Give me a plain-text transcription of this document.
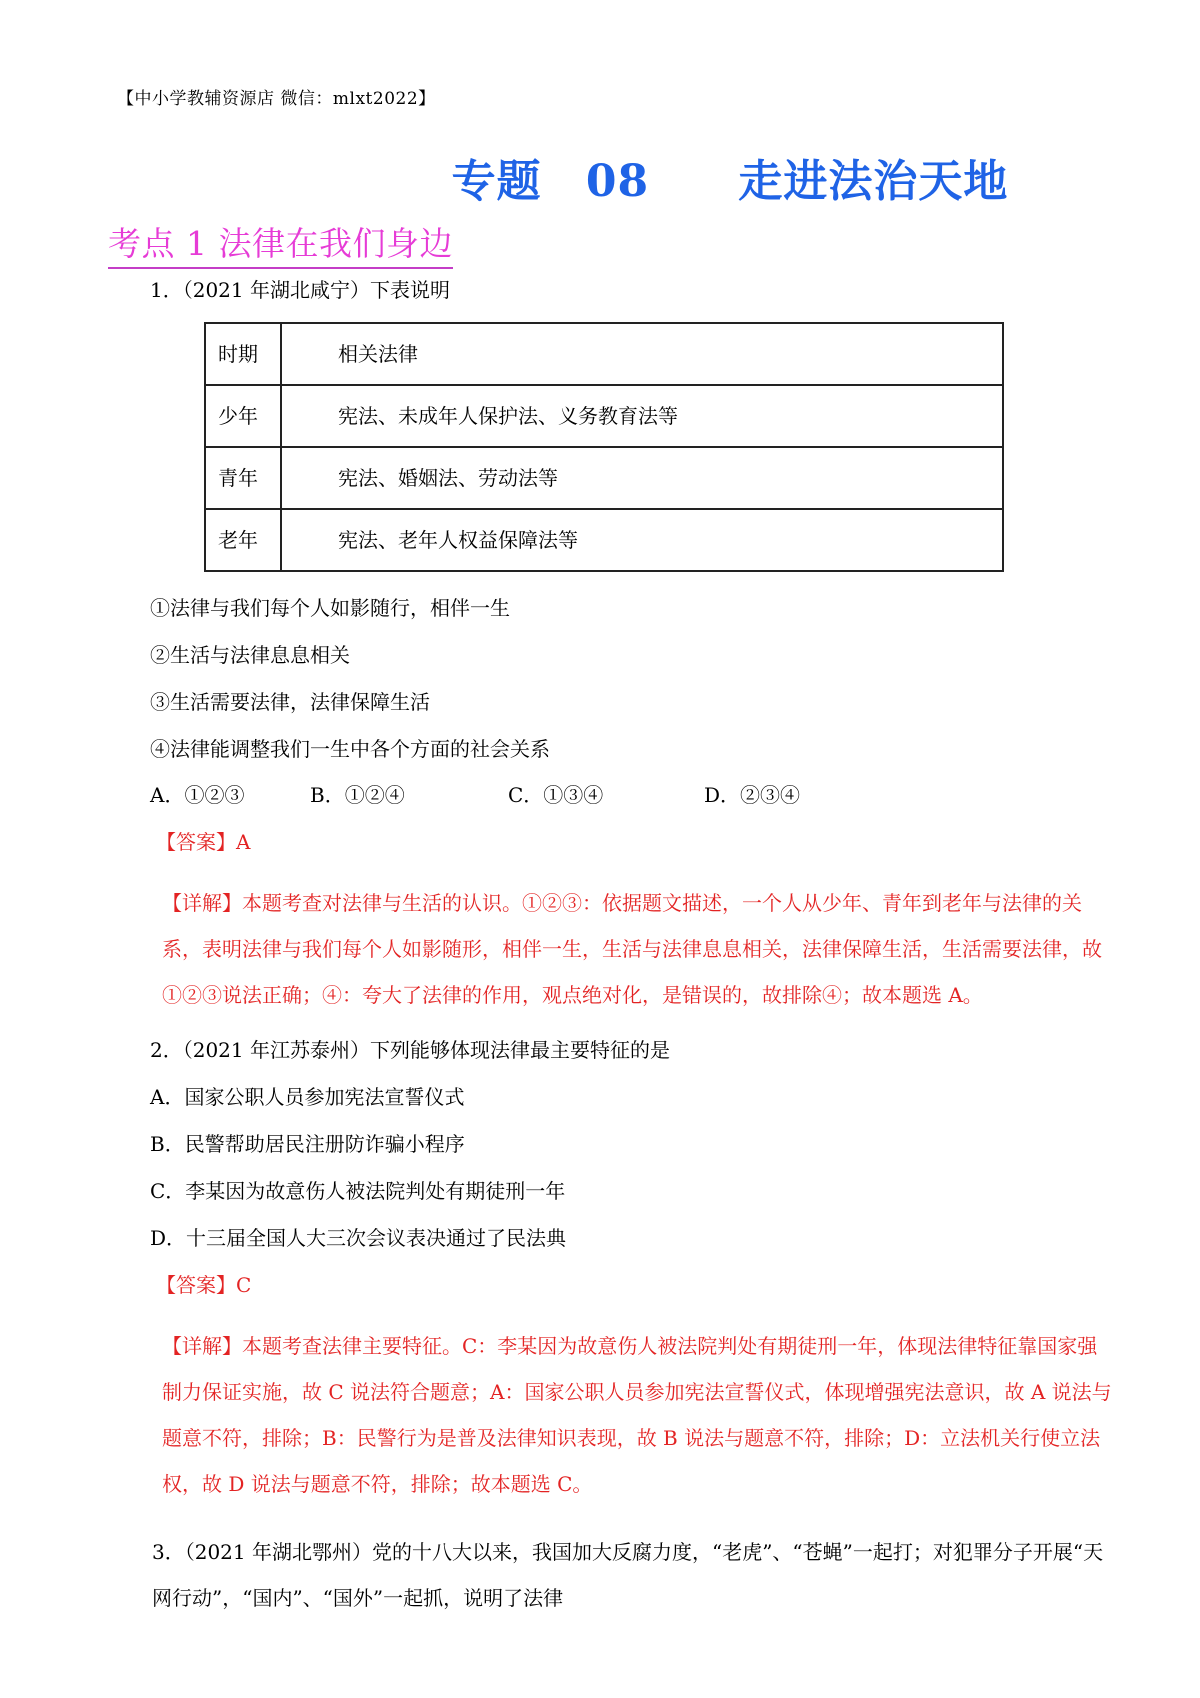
【中小学教辅资源店 微信：mlxt2022】
专题 08　 走进法治天地
考点 1 法律在我们身边

1．（2021 年湖北咸宁）下表说明

时期	相关法律
少年	宪法、未成年人保护法、义务教育法等
青年	宪法、婚姻法、劳动法等
老年	宪法、老年人权益保障法等

①法律与我们每个人如影随行，相伴一生

②生活与法律息息相关

③生活需要法律，法律保障生活

④法律能调整我们一生中各个方面的社会关系

A．①②③	B．①②④	C．①③④	D．②③④

【答案】A

【详解】本题考查对法律与生活的认识。①②③：依据题文描述，一个人从少年、青年到老年与法律的关系，表明法律与我们每个人如影随形，相伴一生，生活与法律息息相关，法律保障生活，生活需要法律，故①②③说法正确；④：夸大了法律的作用，观点绝对化，是错误的，故排除④；故本题选 A。

2．（2021 年江苏泰州）下列能够体现法律最主要特征的是

A．国家公职人员参加宪法宣誓仪式

B．民警帮助居民注册防诈骗小程序

C．李某因为故意伤人被法院判处有期徒刑一年

D．十三届全国人大三次会议表决通过了民法典

【答案】C

【详解】本题考查法律主要特征。C：李某因为故意伤人被法院判处有期徒刑一年，体现法律特征靠国家强制力保证实施，故 C 说法符合题意；A：国家公职人员参加宪法宣誓仪式，体现增强宪法意识，故 A 说法与题意不符，排除；B：民警行为是普及法律知识表现，故 B 说法与题意不符，排除；D：立法机关行使立法权，故 D 说法与题意不符，排除；故本题选 C。

3．（2021 年湖北鄂州）党的十八大以来，我国加大反腐力度，“老虎”、“苍蝇”一起打；对犯罪分子开展“天网行动”，“国内”、“国外”一起抓，说明了法律
